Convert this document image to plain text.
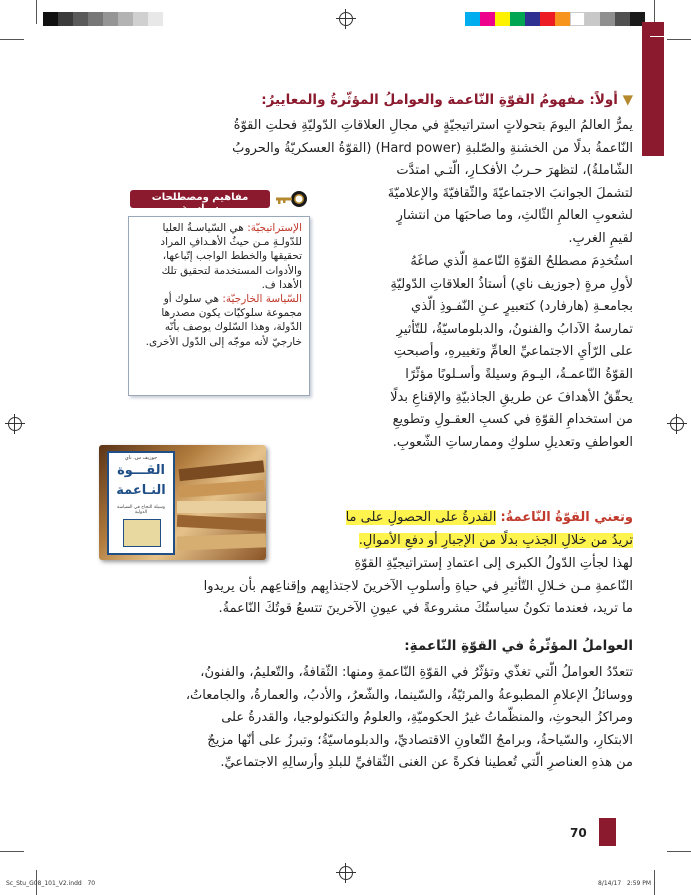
▼ أولاً: مفهومُ القوّةِ النّاعمة والعواملُ المؤثّرةُ والمعاييرُ:

يمرُّ العالمُ اليومَ بتحولاتٍ استراتيجيّةٍ في مجالِ العلاقاتِ الدّوليّةِ فحلتِ القوّةُ

النّاعمةُ بدلًا من الخشنةِ والصّلبةِ (Hard power) (القوّةُ العسكريّةُ والحروبُ

الشّاملةُ)، لتظهرَ حـربُ الأفكـارِ، الّتـي امتدَّت

لتشملَ الجوانبَ الاجتماعيّةَ والثّقافيّةَ والإعلاميّةَ

لشعوبِ العالمِ الثّالثِ، وما صاحبَها من انتشارٍ

لقيمِ الغربِ.

استُخدِمَ مصطلحُ القوّةِ النّاعمةِ الّذي صاغَهُ

لأولِ مرةٍ (جوزيف ناي) أستاذُ العلاقاتِ الدّوليّةِ

بجامعـةِ (هارفارد) كتعبيرٍ عـنِ النّفـوذِ الّذي

تمارسهُ الآدابُ والفنونُ، والدبلوماسيّةُ، للتّأثيرِ

على الرّأيِ الاجتماعيِّ العامِّ وتغييرهِ، وأصبحتِ

القوّةُ النّاعمـةُ، اليـومَ وسيلةً وأسـلوبًا مؤثّرًا

يحقّقُ الأهدافَ عن طريقِ الجاذبيّةِ والإقناعِ بدلًا

من استخدامِ القوّةِ في كسبِ العقـولِ وتطويعِ

العواطفِ وتعديلِ سلوكِ وممارساتِ الشّعوبِ.

مفاهيم ومصطلحات سياسية

الإستراتيجيّة: هي السّياسـةُ العليا

للدّولـةِ مـن حيثُ الأهـدافِ المراد

تحقيقها والخطط الواجب إتّباعها،

والأدوات المستخدمة لتحقيق تلك

الأهدا ف.

السّياسة الخارجيّة: هي سلوك أو

مجموعة سلوكيّات يكون مصدرها

الدّولة، وهذا السّلوك يوصف بأنّه

خارجيّ لأنه موجّه إلى الدّول الأخرى.

جوزيف س. ناي
القـــوة
النـاعمة
وسيلة النجاح في السياسة الدولية	وتعني القوّةُ النّاعمةُ: القدرةُ على الحصولِ على ما

تريدُ من خلالِ الجذبِ بدلًا من الإجبارِ أو دفعِ الأموالِ.

لهذا لجأتِ الدّولُ الكبرى إلى اعتمادِ إستراتيجيّةِ القوّةِ

النّاعمةِ مـن خـلالِ التّأثيرِ في حياةِ وأسلوبِ الآخرينَ لاجتذابِهم وإقناعِهم بأن يريدوا

ما تريد، فعندما تكونُ سياستُكَ مشروعةً في عيونِ الآخرينَ تتسعُ قوتُكَ النّاعمةُ.

العواملُ المؤثّرةُ في القوّةِ النّاعمةِ:

تتعدّدُ العواملُ الّتي تغذّي وتؤثّرُ في القوّةِ النّاعمةِ ومنها: الثّقافةُ، والتّعليمُ، والفنونُ،

ووسائلُ الإعلامِ المطبوعةُ والمرئيّةُ، والسّينما، والشّعرُ، والأدبُ، والعمارةُ، والجامعاتُ،

ومراكزُ البحوثِ، والمنظّماتُ غيرُ الحكوميّةِ، والعلومُ والتكنولوجيا، والقدرةُ على

الابتكارِ، والسّياحةُ، وبرامجُ التّعاونِ الاقتصاديِّ، والدبلوماسيّةُ؛ وتبرزُ على أنّها مزيجٌ

من هذهِ العناصرِ الّتي تُعطينا فكرةً عن الغنى الثّقافيِّ للبلدِ وأرسالِهِ الاجتماعيِّ.

70
Sc_Stu_G08_101_V2.indd   70	8/14/17   2:59 PM
